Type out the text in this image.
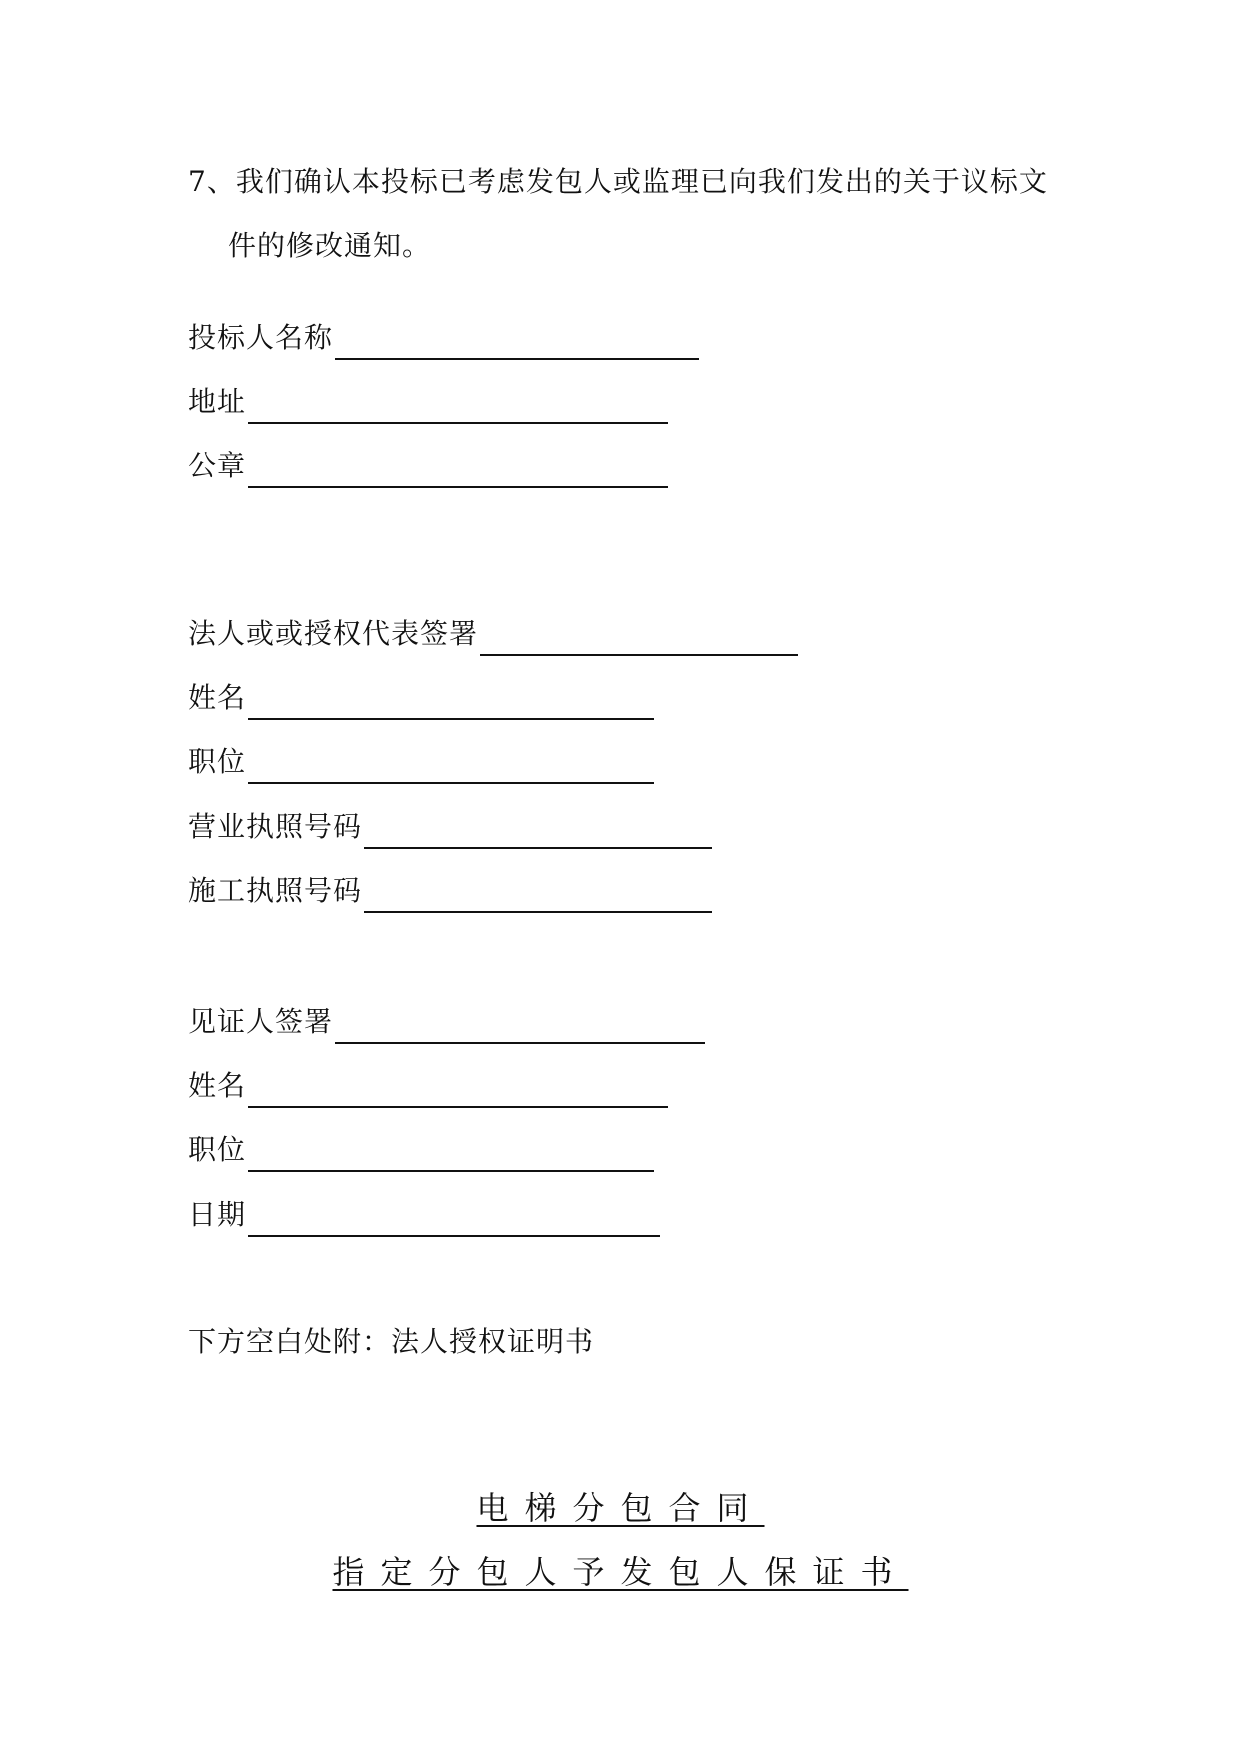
7、我们确认本投标已考虑发包人或监理已向我们发出的关于议标文
件的修改通知。
投标人名称
地址
公章
法人或或授权代表签署
姓名
职位
营业执照号码
施工执照号码
见证人签署
姓名
职位
日期
下方空白处附：法人授权证明书
电梯分包合同
指定分包人予发包人保证书
